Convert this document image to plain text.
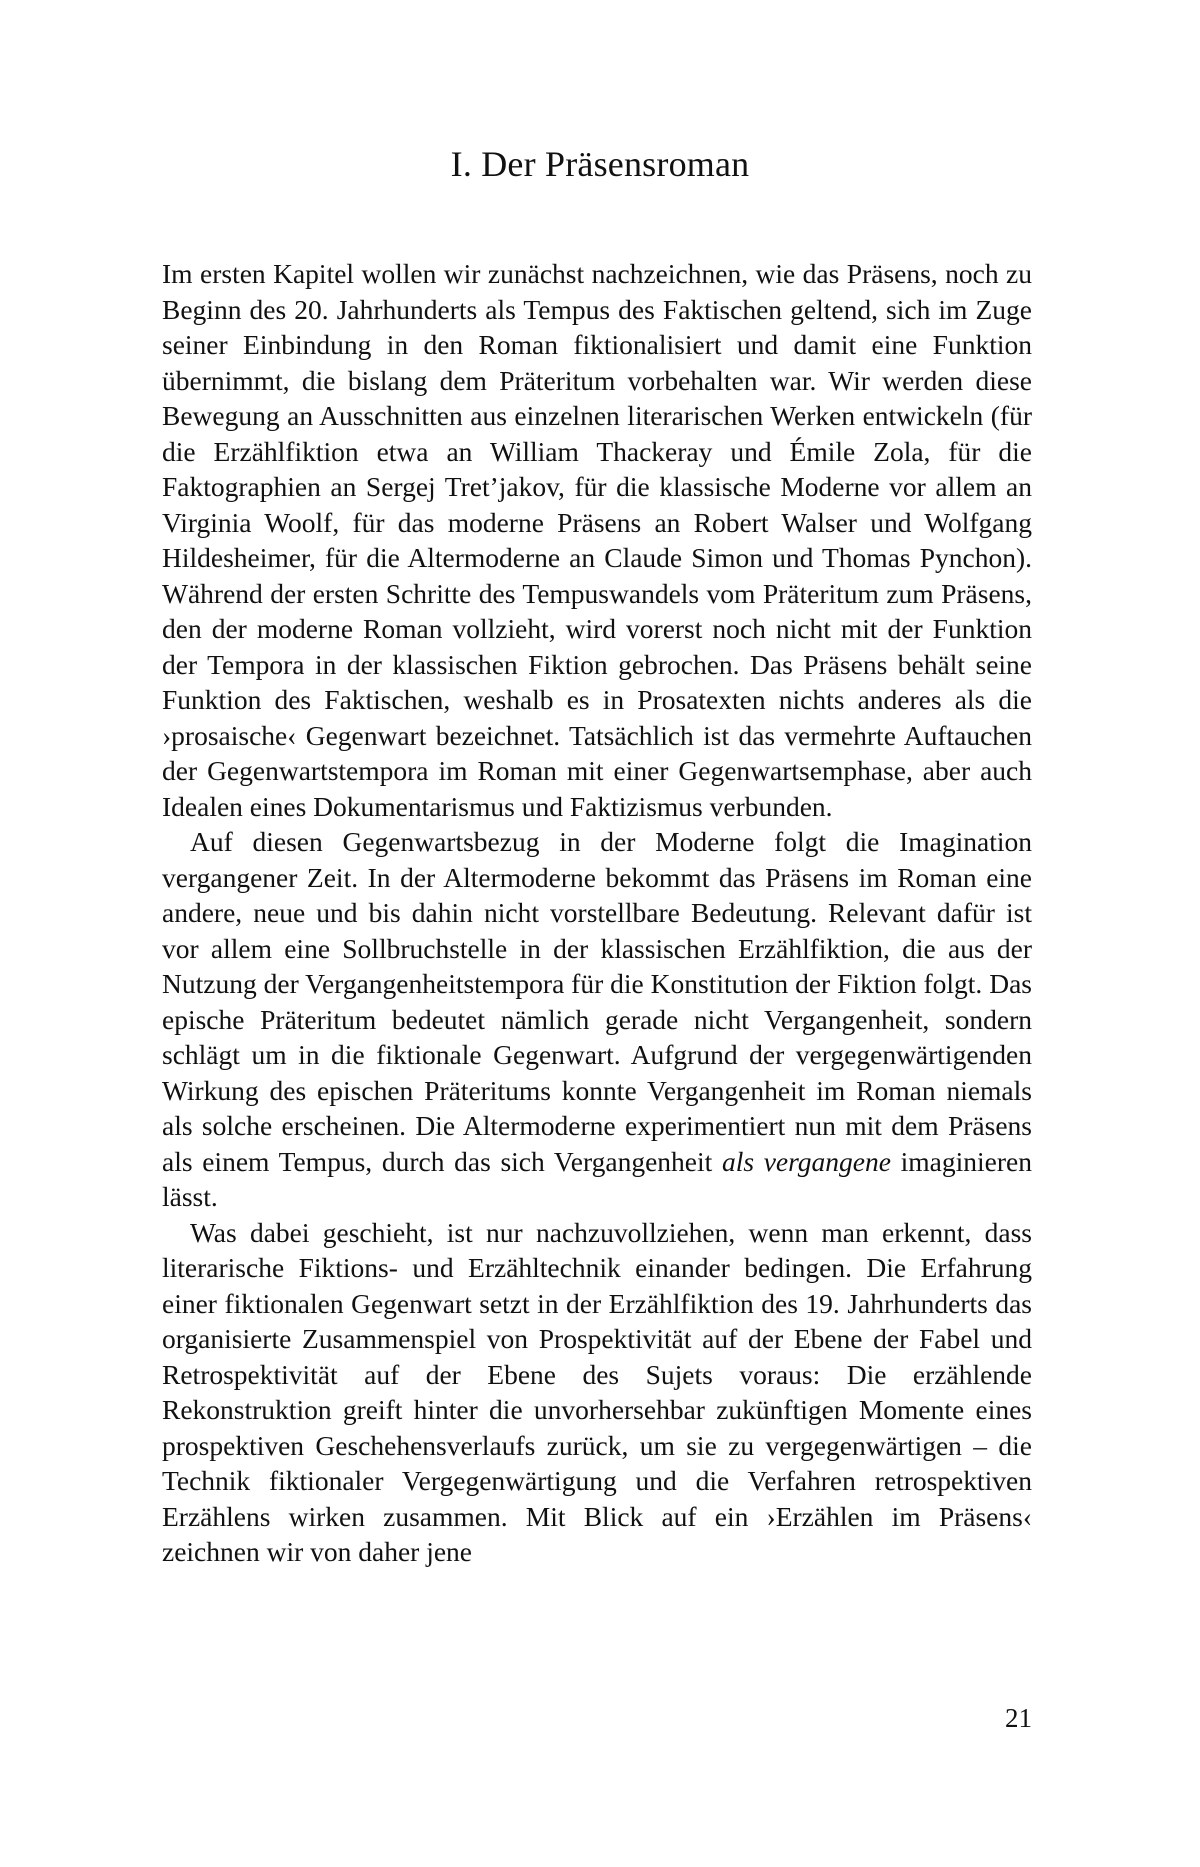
I. Der Präsensroman

Im ersten Kapitel wollen wir zunächst nachzeichnen, wie das Präsens, noch zu Beginn des 20. Jahrhunderts als Tempus des Faktischen geltend, sich im Zuge seiner Einbindung in den Roman fiktionalisiert und damit eine Funktion übernimmt, die bislang dem Präteritum vorbehalten war. Wir werden diese Bewegung an Ausschnitten aus einzelnen literarischen Werken entwickeln (für die Erzählfiktion etwa an William Thackeray und Émile Zola, für die Faktographien an Sergej Tret’jakov, für die klassische Moderne vor allem an Virginia Woolf, für das moderne Präsens an Robert Walser und Wolfgang Hildesheimer, für die Altermoderne an Claude Simon und Thomas Pynchon). Während der ersten Schritte des Tempuswandels vom Präteritum zum Präsens, den der moderne Roman vollzieht, wird vorerst noch nicht mit der Funktion der Tempora in der klassischen Fiktion gebrochen. Das Präsens behält seine Funktion des Faktischen, weshalb es in Prosatexten nichts anderes als die ›prosaische‹ Gegenwart bezeichnet. Tatsächlich ist das vermehrte Auftauchen der Gegenwartstempora im Roman mit einer Gegenwartsemphase, aber auch Idealen eines Dokumentarismus und Faktizismus verbunden.

Auf diesen Gegenwartsbezug in der Moderne folgt die Imagination vergangener Zeit. In der Altermoderne bekommt das Präsens im Roman eine andere, neue und bis dahin nicht vorstellbare Bedeutung. Relevant dafür ist vor allem eine Sollbruchstelle in der klassischen Erzählfiktion, die aus der Nutzung der Vergangenheitstempora für die Konstitution der Fiktion folgt. Das epische Präteritum bedeutet nämlich gerade nicht Vergangenheit, sondern schlägt um in die fiktionale Gegenwart. Aufgrund der vergegenwärtigenden Wirkung des epischen Präteritums konnte Vergangenheit im Roman niemals als solche erscheinen. Die Altermoderne experimentiert nun mit dem Präsens als einem Tempus, durch das sich Vergangenheit als vergangene imaginieren lässt.

Was dabei geschieht, ist nur nachzuvollziehen, wenn man erkennt, dass literarische Fiktions- und Erzähltechnik einander bedingen. Die Erfahrung einer fiktionalen Gegenwart setzt in der Erzählfiktion des 19. Jahrhunderts das organisierte Zusammenspiel von Prospektivität auf der Ebene der Fabel und Retrospektivität auf der Ebene des Sujets voraus: Die erzählende Rekonstruktion greift hinter die unvorhersehbar zukünftigen Momente eines prospektiven Geschehensverlaufs zurück, um sie zu vergegenwärtigen – die Technik fiktionaler Vergegenwärtigung und die Verfahren retrospektiven Erzählens wirken zusammen. Mit Blick auf ein ›Erzählen im Präsens‹ zeichnen wir von daher jene

21
